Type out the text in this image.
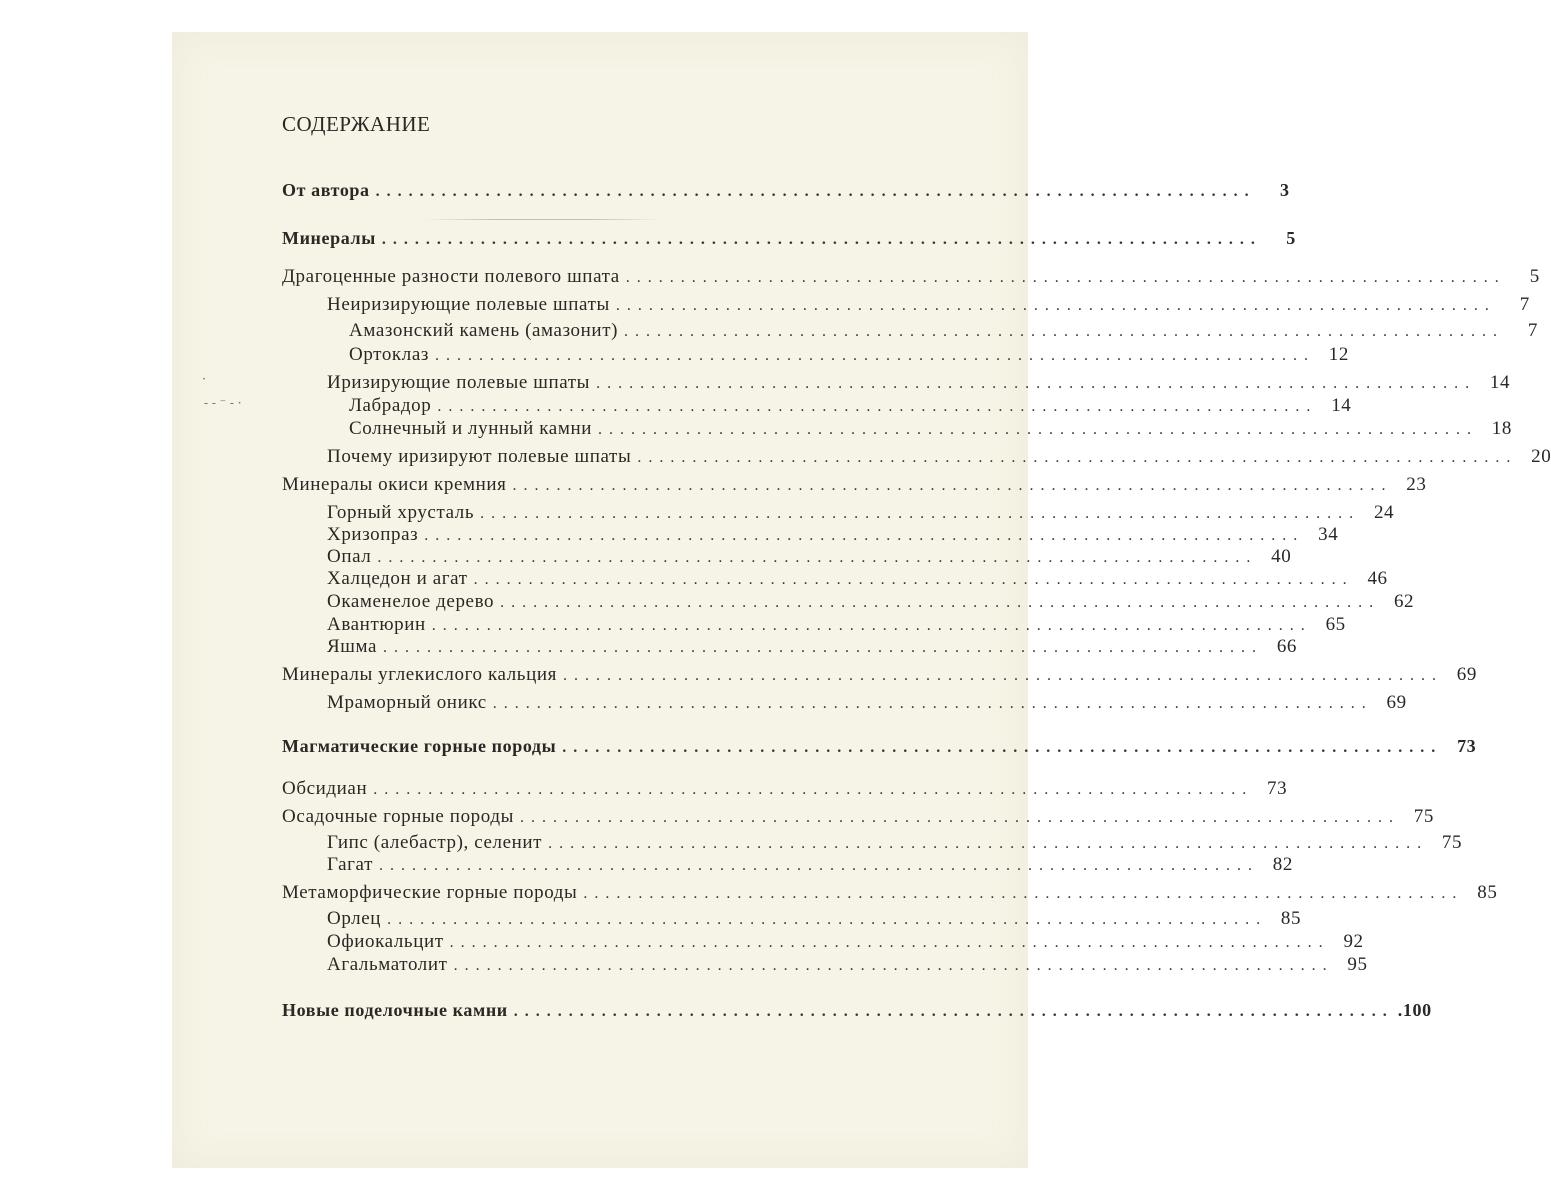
СОДЕРЖАНИЕ
·
‐ ‐ ⁻ ‐ ·
От автора ................................................................................	3
Минералы ................................................................................	5
Драгоценные разности полевого шпата ................................................................................	5
Неиризирующие полевые шпаты ................................................................................	7
Амазонский камень (амазонит) ................................................................................	7
Ортоклаз ................................................................................ 12
Иризирующие полевые шпаты ................................................................................ 14
Лабрадор ................................................................................ 14
Солнечный и лунный камни ................................................................................ 18
Почему иризируют полевые шпаты ................................................................................ 20
Минералы окиси кремния ................................................................................ 23
Горный хрусталь ................................................................................ 24
Хризопраз ................................................................................ 34
Опал ................................................................................ 40
Халцедон и агат ................................................................................ 46
Окаменелое дерево ................................................................................ 62
Авантюрин ................................................................................ 65
Яшма ................................................................................ 66
Минералы углекислого кальция ................................................................................ 69
Мраморный оникс ................................................................................ 69
Магматические горные породы ................................................................................ 73
Обсидиан ................................................................................ 73
Осадочные горные породы ................................................................................ 75
Гипс (алебастр), селенит ................................................................................ 75
Гагат ................................................................................ 82
Метаморфические горные породы ................................................................................ 85
Орлец ................................................................................ 85
Офиокальцит ................................................................................ 92
Агальматолит ................................................................................ 95
Новые поделочные камни ................................................................................ .100
